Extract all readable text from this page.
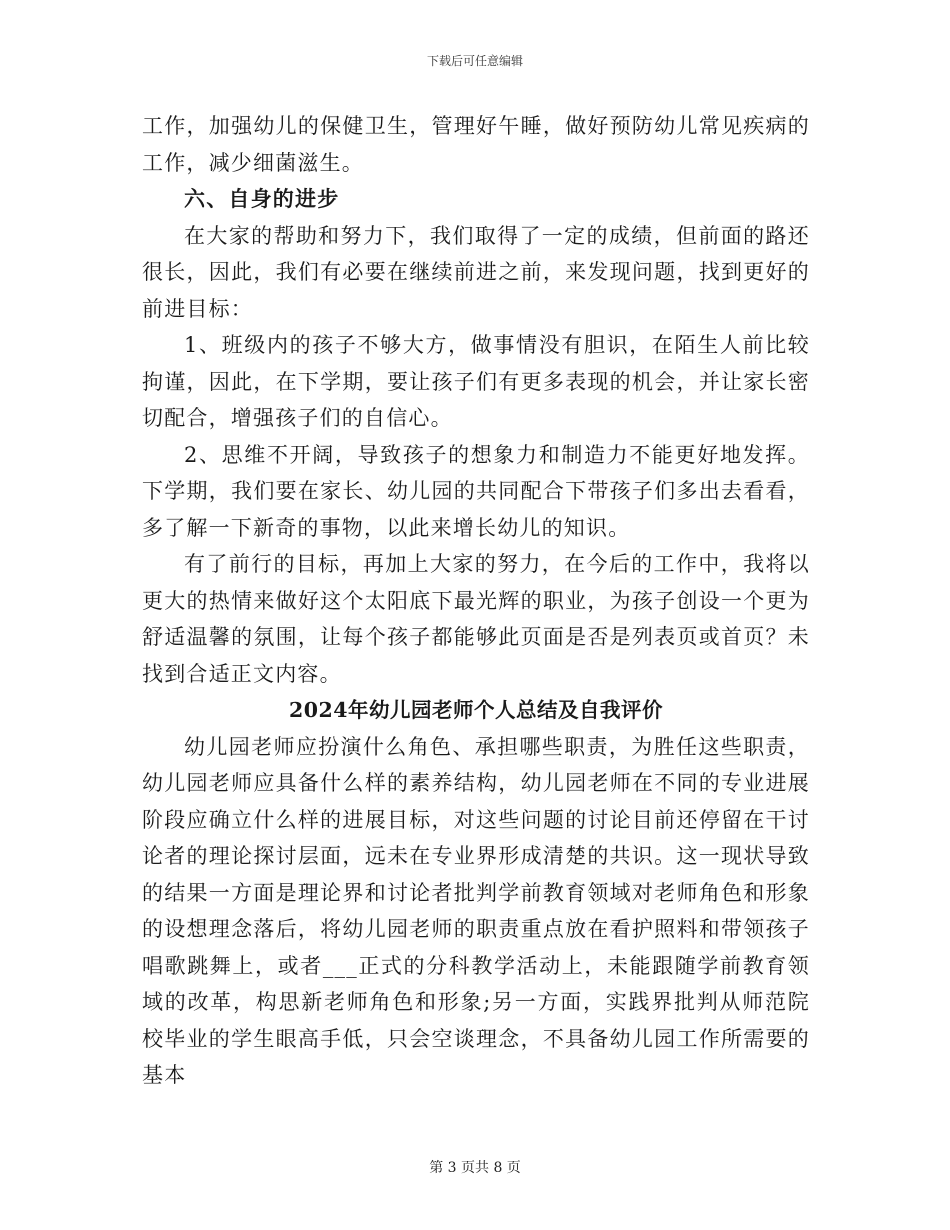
下载后可任意编辑

工作，加强幼儿的保健卫生，管理好午睡，做好预防幼儿常见疾病的工作，减少细菌滋生。

六、自身的进步

在大家的帮助和努力下，我们取得了一定的成绩，但前面的路还很长，因此，我们有必要在继续前进之前，来发现问题，找到更好的前进目标：

1、班级内的孩子不够大方，做事情没有胆识，在陌生人前比较拘谨，因此，在下学期，要让孩子们有更多表现的机会，并让家长密切配合，增强孩子们的自信心。

2、思维不开阔，导致孩子的想象力和制造力不能更好地发挥。下学期，我们要在家长、幼儿园的共同配合下带孩子们多出去看看，多了解一下新奇的事物，以此来增长幼儿的知识。

有了前行的目标，再加上大家的努力，在今后的工作中，我将以更大的热情来做好这个太阳底下最光辉的职业，为孩子创设一个更为舒适温馨的氛围，让每个孩子都能够此页面是否是列表页或首页？未找到合适正文内容。

2024年幼儿园老师个人总结及自我评价

幼儿园老师应扮演什么角色、承担哪些职责，为胜任这些职责，幼儿园老师应具备什么样的素养结构，幼儿园老师在不同的专业进展阶段应确立什么样的进展目标，对这些问题的讨论目前还停留在干讨论者的理论探讨层面，远未在专业界形成清楚的共识。这一现状导致的结果一方面是理论界和讨论者批判学前教育领域对老师角色和形象的设想理念落后，将幼儿园老师的职责重点放在看护照料和带领孩子唱歌跳舞上，或者___正式的分科教学活动上，未能跟随学前教育领域的改革，构思新老师角色和形象;另一方面，实践界批判从师范院校毕业的学生眼高手低，只会空谈理念，不具备幼儿园工作所需要的基本

第 3 页共 8 页
